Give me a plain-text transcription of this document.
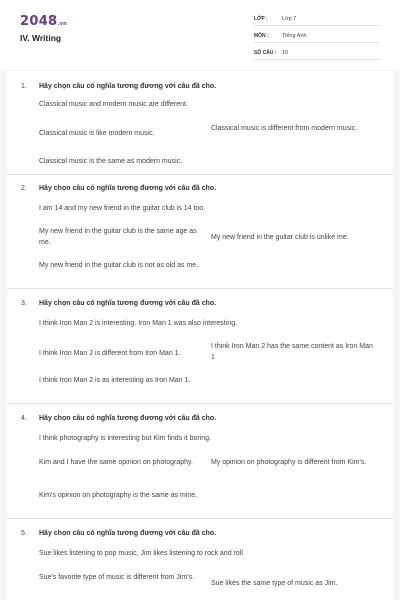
2048.vn
IV. Writing
LỚP :	Lớp 7
MÔN :	Tiếng Anh
SỐ CÂU :	10
1. Hãy chọn câu có nghĩa tương đương với câu đã cho.
Classical music and modern music are different.
Classical music is like modern music.
Classical music is different from modern music.
Classical music is the same as modern music.
2. Hãy chọn câu có nghĩa tương đương với câu đã cho.
I am 14 and my new friend in the guitar club is 14 too.
My new friend in the guitar club is the same age as me.
My new friend in the guitar club is unlike me.
My new friend in the guitar club is not as old as me.
3. Hãy chọn câu có nghĩa tương đương với câu đã cho.
I think Iron Man 2 is interesting. Iron Man 1 was also interesting.
I think Iron Man 2 is different from Iron Man 1.
I think Iron Man 2 has the same content as Iron Man 1
I think Iron Man 2 is as interesting as Iron Man 1.
4. Hãy chọn câu có nghĩa tương đương với câu đã cho.
I think photography is interesting but Kim finds it boring.
Kim and I have the same opinion on photography.	My opinion on photography is different from Kim's.
Kim's opinion on photography is the same as mine.
5. Hãy chọn câu có nghĩa tương đương với câu đã cho.
Sue likes listening to pop music, Jim likes listening to rock and roll
Sue's favorite type of music is different from Jim's.
Sue likes the same type of music as Jim.
